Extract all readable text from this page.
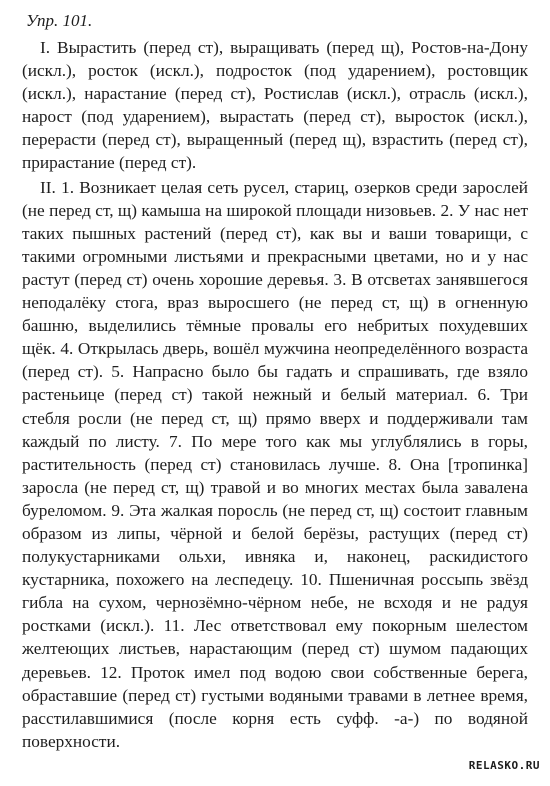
Упр. 101.

I. Вырастить (перед ст), выращивать (перед щ), Ростов-на-Дону (искл.), росток (искл.), подросток (под ударением), ростовщик (искл.), нарастание (перед ст), Ростислав (искл.), отрасль (искл.), нарост (под ударением), вырастать (перед ст), выросток (искл.), перерасти (перед ст), выращенный (перед щ), взрастить (перед ст), прирастание (перед ст).

II. 1. Возникает целая сеть русел, стариц, озерков среди зарослей (не перед ст, щ) камыша на широкой площади низовьев. 2. У нас нет таких пышных растений (перед ст), как вы и ваши товарищи, с такими огромными листьями и прекрасными цветами, но и у нас растут (перед ст) очень хорошие деревья. 3. В отсветах занявшегося неподалёку стога, враз выросшего (не перед ст, щ) в огненную башню, выделились тёмные провалы его небритых похудевших щёк. 4. Открылась дверь, вошёл мужчина неопределённого возраста (перед ст). 5. Напрасно было бы гадать и спрашивать, где взяло растеньице (перед ст) такой нежный и белый материал. 6. Три стебля росли (не перед ст, щ) прямо вверх и поддерживали там каждый по листу. 7. По мере того как мы углублялись в горы, растительность (перед ст) становилась лучше. 8. Она [тропинка] заросла (не перед ст, щ) травой и во многих местах была завалена буреломом. 9. Эта жалкая поросль (не перед ст, щ) состоит главным образом из липы, чёрной и белой берёзы, растущих (перед ст) полукустарниками ольхи, ивняка и, наконец, раскидистого кустарника, похожего на леспедецу. 10. Пшеничная россыпь звёзд гибла на сухом, чернозёмно-чёрном небе, не всходя и не радуя ростками (искл.). 11. Лес ответствовал ему покорным шелестом желтеющих листьев, нарастающим (перед ст) шумом падающих деревьев. 12. Проток имел под водою свои собственные берега, обраставшие (перед ст) густыми водяными травами в летнее время, расстилавшимися (после корня есть суфф. -а-) по водяной поверхности.

RELASKO.RU
